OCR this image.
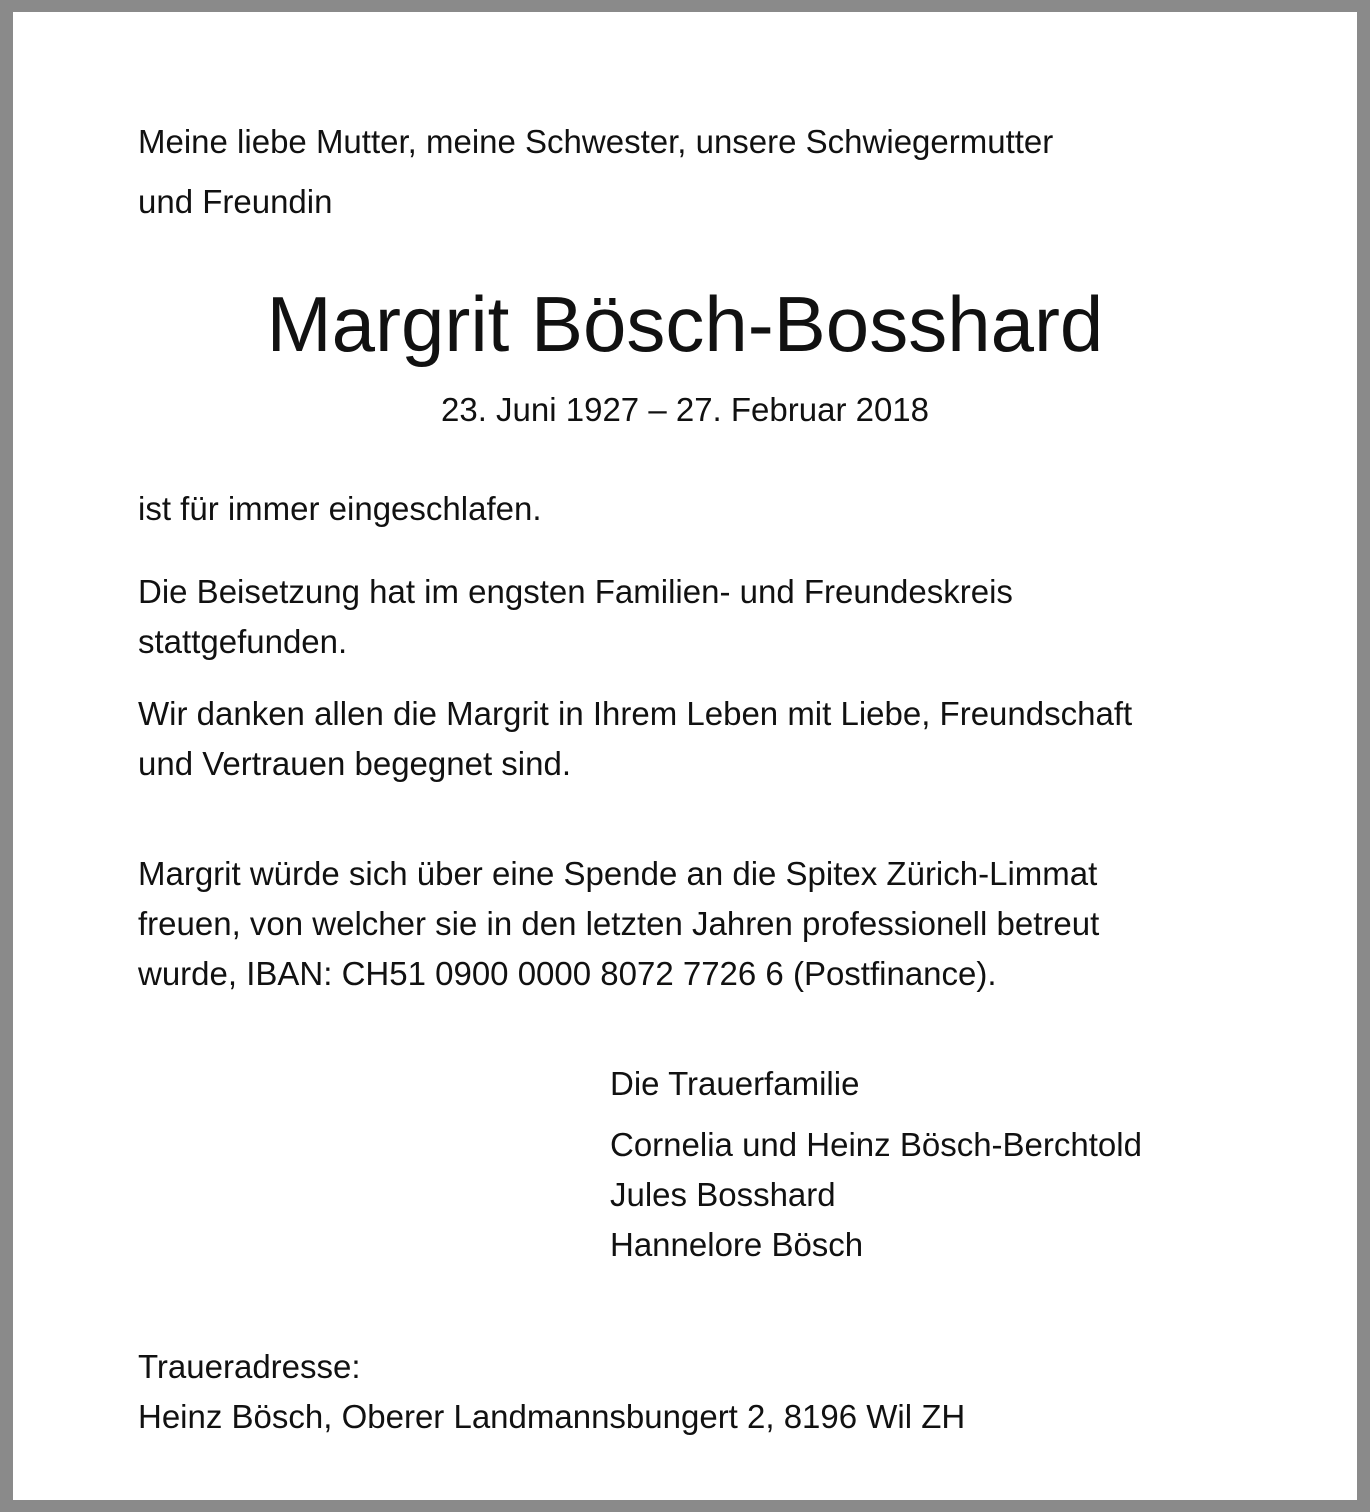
Meine liebe Mutter, meine Schwester, unsere Schwiegermutter
und Freundin

Margrit Bösch-Bosshard
23. Juni 1927 – 27. Februar 2018

ist für immer eingeschlafen.

Die Beisetzung hat im engsten Familien- und Freundeskreis
stattgefunden.

Wir danken allen die Margrit in Ihrem Leben mit Liebe, Freundschaft
und Vertrauen begegnet sind.

Margrit würde sich über eine Spende an die Spitex Zürich-Limmat
freuen, von welcher sie in den letzten Jahren professionell betreut
wurde, IBAN: CH51 0900 0000 8072 7726 6 (Postfinance).

Die Trauerfamilie

Cornelia und Heinz Bösch-Berchtold
Jules Bosshard
Hannelore Bösch

Traueradresse:
Heinz Bösch, Oberer Landmannsbungert 2, 8196 Wil ZH
